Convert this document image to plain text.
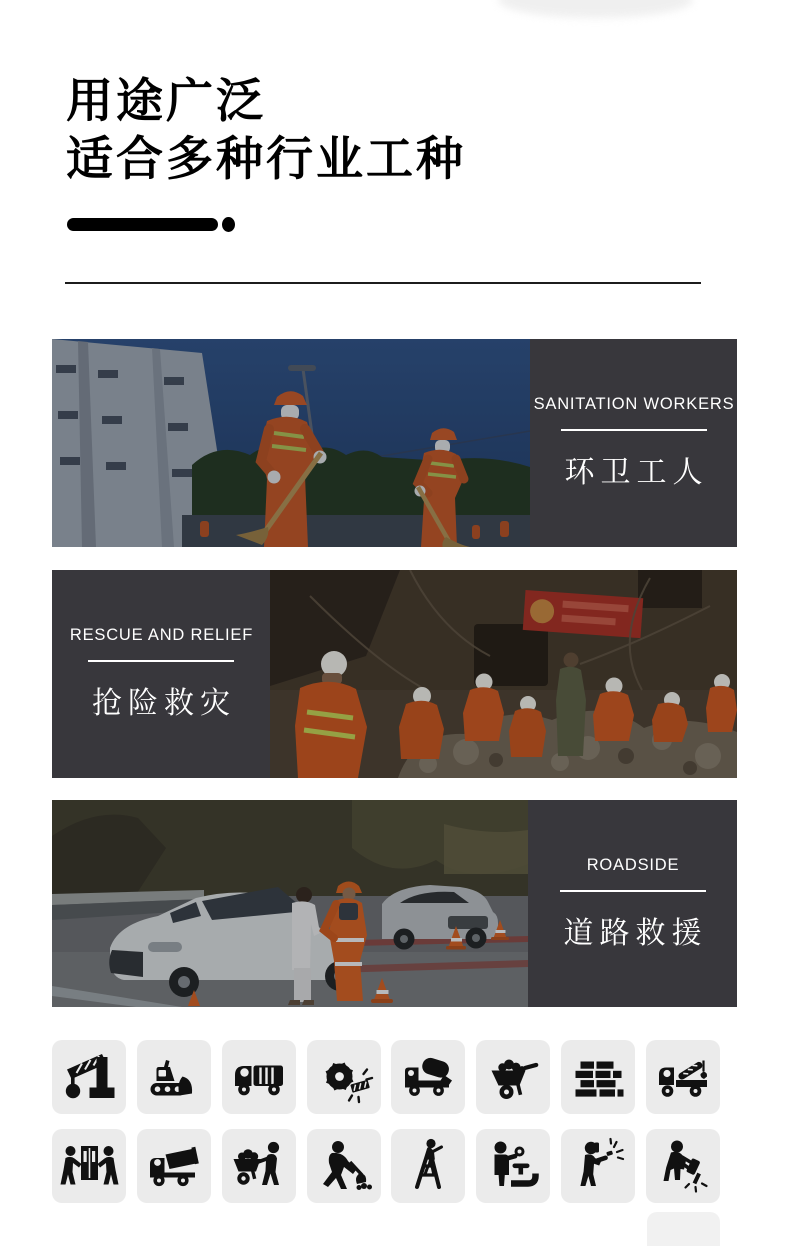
用途广泛
适合多种行业工种
SANITATION WORKERS
环卫工人
RESCUE AND RELIEF
抢险救灾
ROADSIDE
道路救援
